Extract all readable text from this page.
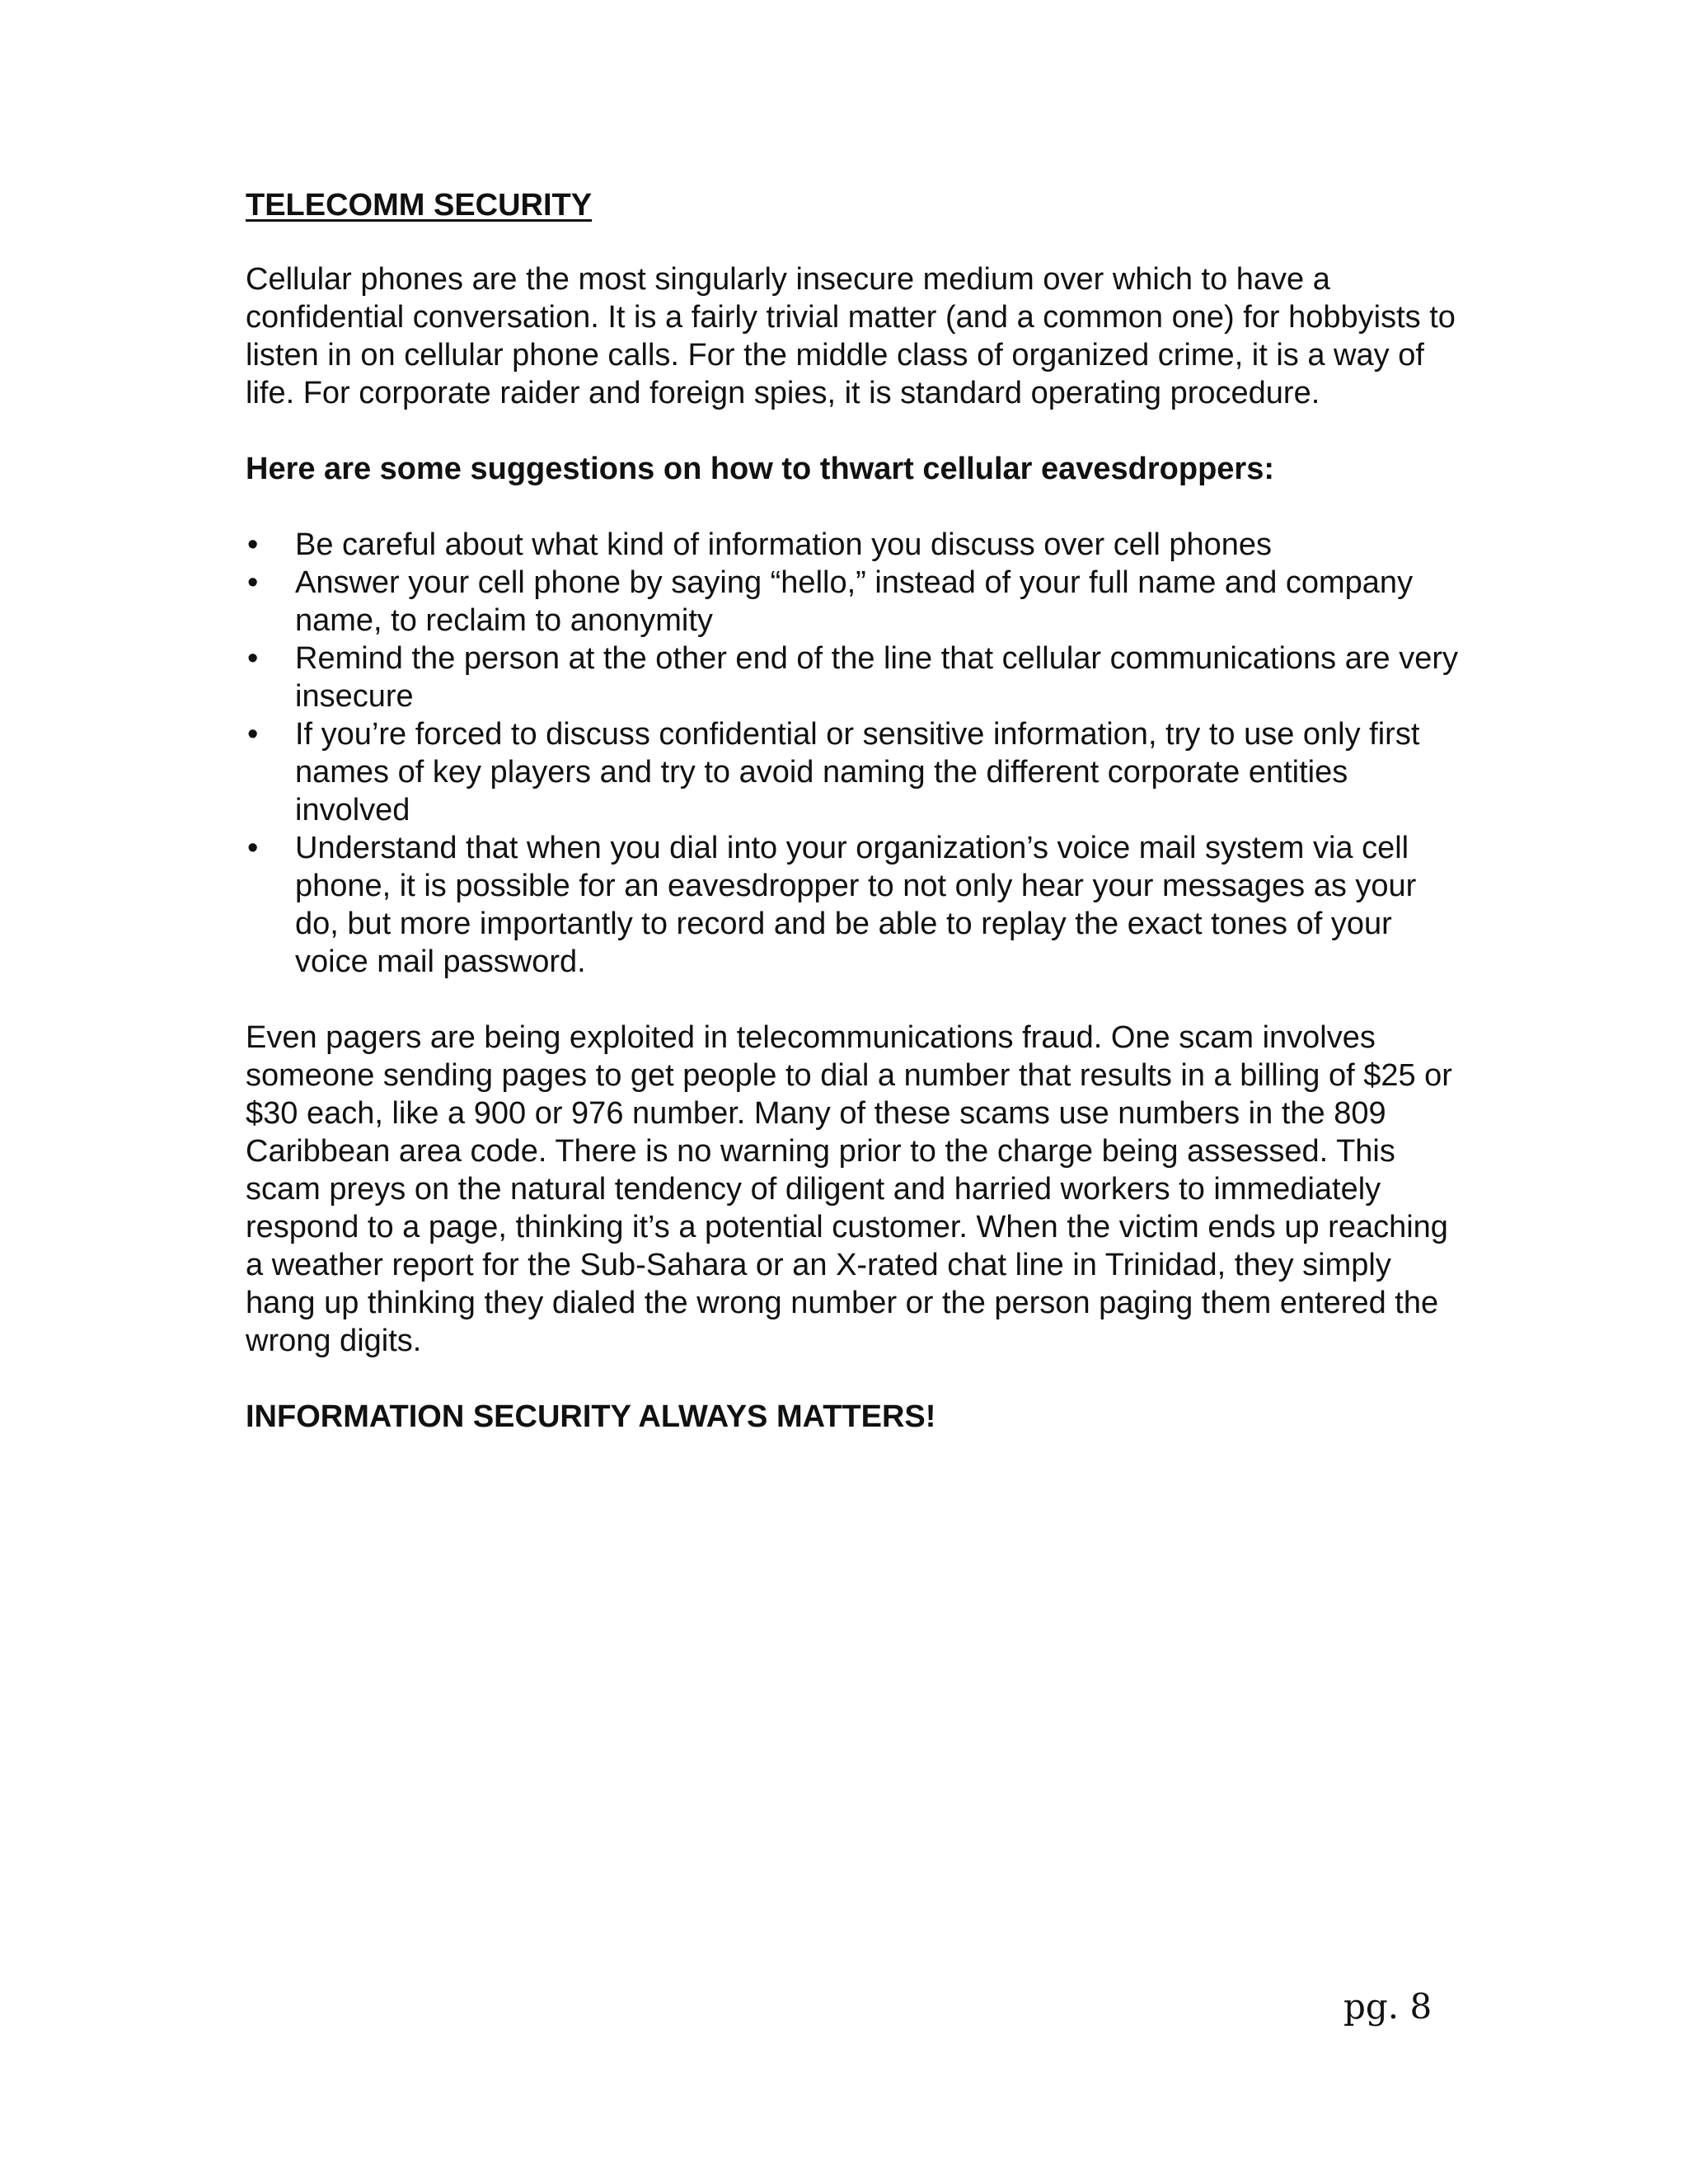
TELECOMM SECURITY

Cellular phones are the most singularly insecure medium over which to have a confidential conversation. It is a fairly trivial matter (and a common one) for hobbyists to listen in on cellular phone calls. For the middle class of organized crime, it is a way of life. For corporate raider and foreign spies, it is standard operating procedure.

Here are some suggestions on how to thwart cellular eavesdroppers:

•	Be careful about what kind of information you discuss over cell phones
•	Answer your cell phone by saying “hello,” instead of your full name and company name, to reclaim to anonymity
•	Remind the person at the other end of the line that cellular communications are very insecure
•	If you’re forced to discuss confidential or sensitive information, try to use only first names of key players and try to avoid naming the different corporate entities involved
•	Understand that when you dial into your organization’s voice mail system via cell phone, it is possible for an eavesdropper to not only hear your messages as your do, but more importantly to record and be able to replay the exact tones of your voice mail password.

Even pagers are being exploited in telecommunications fraud. One scam involves someone sending pages to get people to dial a number that results in a billing of $25 or $30 each, like a 900 or 976 number. Many of these scams use numbers in the 809 Caribbean area code. There is no warning prior to the charge being assessed. This scam preys on the natural tendency of diligent and harried workers to immediately respond to a page, thinking it’s a potential customer. When the victim ends up reaching a weather report for the Sub-Sahara or an X-rated chat line in Trinidad, they simply hang up thinking they dialed the wrong number or the person paging them entered the wrong digits.

INFORMATION SECURITY ALWAYS MATTERS!

pg. 8
